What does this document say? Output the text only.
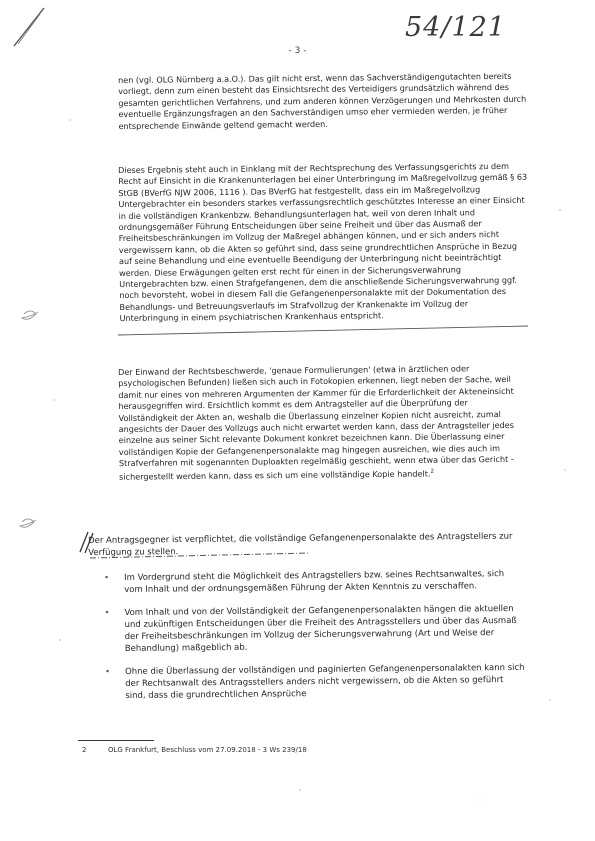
54/121
- 3 -

nen (vgl. OLG Nürnberg a.a.O.). Das gilt nicht erst, wenn das Sachverständigengutachten bereits vorliegt, denn zum einen besteht das Einsichtsrecht des Verteidigers grundsätzlich während des gesamten gerichtlichen Verfahrens, und zum anderen können Verzögerungen und Mehrkosten durch eventuelle Ergänzungsfragen an den Sachverständigen umso eher vermieden werden, je früher entsprechende Einwände geltend gemacht werden.

Dieses Ergebnis steht auch in Einklang mit der Rechtsprechung des Verfassungsgerichts zu dem Recht auf Einsicht in die Krankenunterlagen bei einer Unterbringung im Maßregelvollzug gemäß § 63 StGB (BVerfG NJW 2006, 1116 ). Das BVerfG hat festgestellt, dass ein im Maßregelvollzug Untergebrachter ein besonders starkes verfassungsrechtlich geschütztes Interesse an einer Einsicht in die vollständigen Krankenbzw. Behandlungsunterlagen hat, weil von deren Inhalt und ordnungsgemäßer Führung Entscheidungen über seine Freiheit und über das Ausmaß der Freiheitsbeschränkungen im Vollzug der Maßregel abhängen können, und er sich anders nicht vergewissern kann, ob die Akten so geführt sind, dass seine grundrechtlichen Ansprüche in Bezug auf seine Behandlung und eine eventuelle Beendigung der Unterbringung nicht beeinträchtigt werden. Diese Erwägungen gelten erst recht für einen in der Sicherungsverwahrung Untergebrachten bzw. einen Strafgefangenen, dem die anschließende Sicherungsverwahrung ggf. noch bevorsteht, wobei in diesem Fall die Gefangenenpersonalakte mit der Dokumentation des Behandlungs- und Betreuungsverlaufs im Strafvollzug der Krankenakte im Vollzug der Unterbringung in einem psychiatrischen Krankenhaus entspricht.

Der Einwand der Rechtsbeschwerde, 'genaue Formulierungen' (etwa in ärztlichen oder psychologischen Befunden) ließen sich auch in Fotokopien erkennen, liegt neben der Sache, weil damit nur eines von mehreren Argumenten der Kammer für die Erforderlichkeit der Akteneinsicht herausgegriffen wird. Ersichtlich kommt es dem Antragsteller auf die Überprüfung der Vollständigkeit der Akten an, weshalb die Überlassung einzelner Kopien nicht ausreicht, zumal angesichts der Dauer des Vollzugs auch nicht erwartet werden kann, dass der Antragsteller jedes einzelne aus seiner Sicht relevante Dokument konkret bezeichnen kann. Die Überlassung einer vollständigen Kopie der Gefangenenpersonalakte mag hingegen ausreichen, wie dies auch im Strafverfahren mit sogenannten Duploakten regelmäßig geschieht, wenn etwa über das Gericht - sichergestellt werden kann, dass es sich um eine vollständige Kopie handelt.$^2$

Der Antragsgegner ist verpflichtet, die vollständige Gefangenenpersonalakte des Antragstellers zur Verfügung zu stellen.

• Im Vordergrund steht die Möglichkeit des Antragstellers bzw. seines Rechtsanwaltes, sich vom Inhalt und der ordnungsgemäßen Führung der Akten Kenntnis zu verschaffen.

• Vom Inhalt und von der Vollständigkeit der Gefangenenpersonalakten hängen die aktuellen und zukünftigen Entscheidungen über die Freiheit des Antragsstellers und über das Ausmaß der Freiheitsbeschränkungen im Vollzug der Sicherungsverwahrung (Art und Weise der Behandlung) maßgeblich ab.

• Ohne die Überlassung der vollständigen und paginierten Gefangenenpersonalakten kann sich der Rechtsanwalt des Antragsstellers anders nicht vergewissern, ob die Akten so geführt sind, dass die grundrechtlichen Ansprüche

2	OLG Frankfurt, Beschluss vom 27.09.2018 - 3 Ws 239/18
